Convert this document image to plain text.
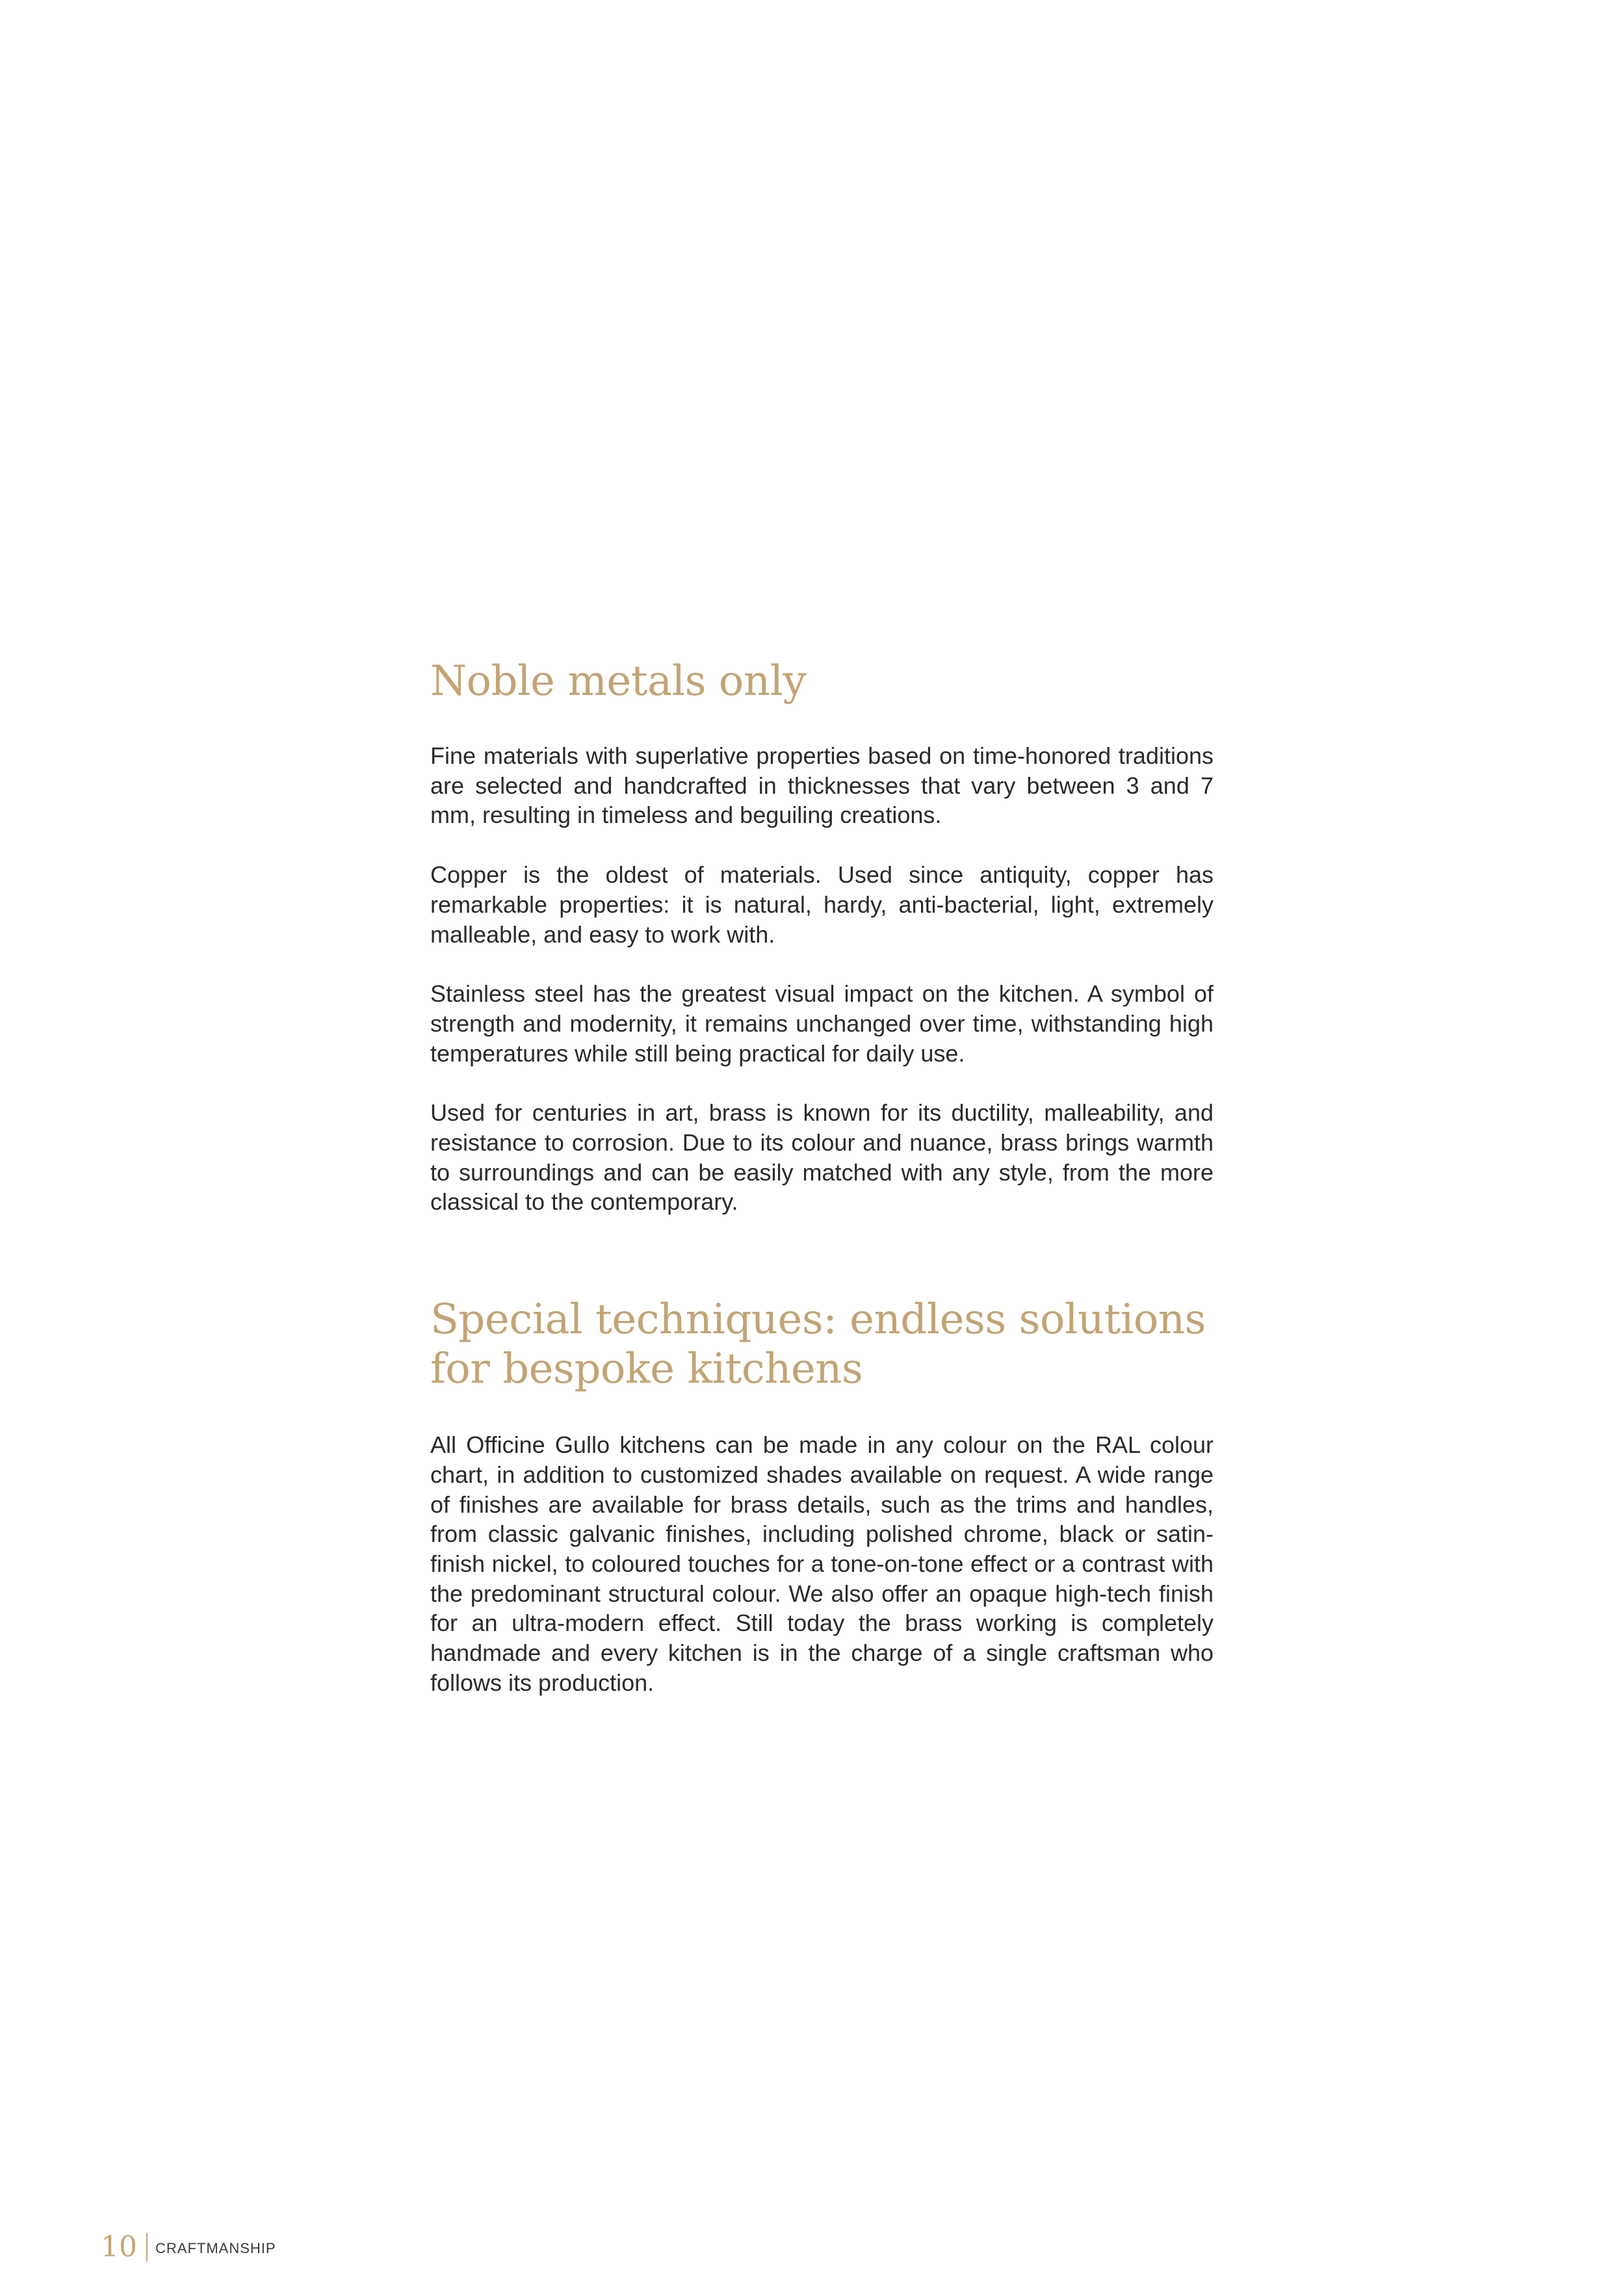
Noble metals only

Fine materials with superlative properties based on time-honored traditions are selected and handcrafted in thicknesses that vary between 3 and 7 mm, resulting in timeless and beguiling creations.

Copper is the oldest of materials. Used since antiquity, copper has remarkable properties: it is natural, hardy, anti-bacterial, light, extremely malleable, and easy to work with.

Stainless steel has the greatest visual impact on the kitchen. A symbol of strength and modernity, it remains unchanged over time, withstanding high temperatures while still being practical for daily use.

Used for centuries in art, brass is known for its ductility, malleability, and resistance to corrosion. Due to its colour and nuance, brass brings warmth to surroundings and can be easily matched with any style, from the more classical to the contemporary.

Special techniques: endless solutions for bespoke kitchens

All Officine Gullo kitchens can be made in any colour on the RAL colour chart, in addition to customized shades available on request. A wide range of finishes are available for brass details, such as the trims and handles, from classic galvanic finishes, including polished chrome, black or satin-finish nickel, to coloured touches for a tone-on-tone effect or a contrast with the predominant structural colour. We also offer an opaque high-tech finish for an ultra-modern effect. Still today the brass working is completely handmade and every kitchen is in the charge of a single craftsman who follows its production.

10 CRAFTMANSHIP
